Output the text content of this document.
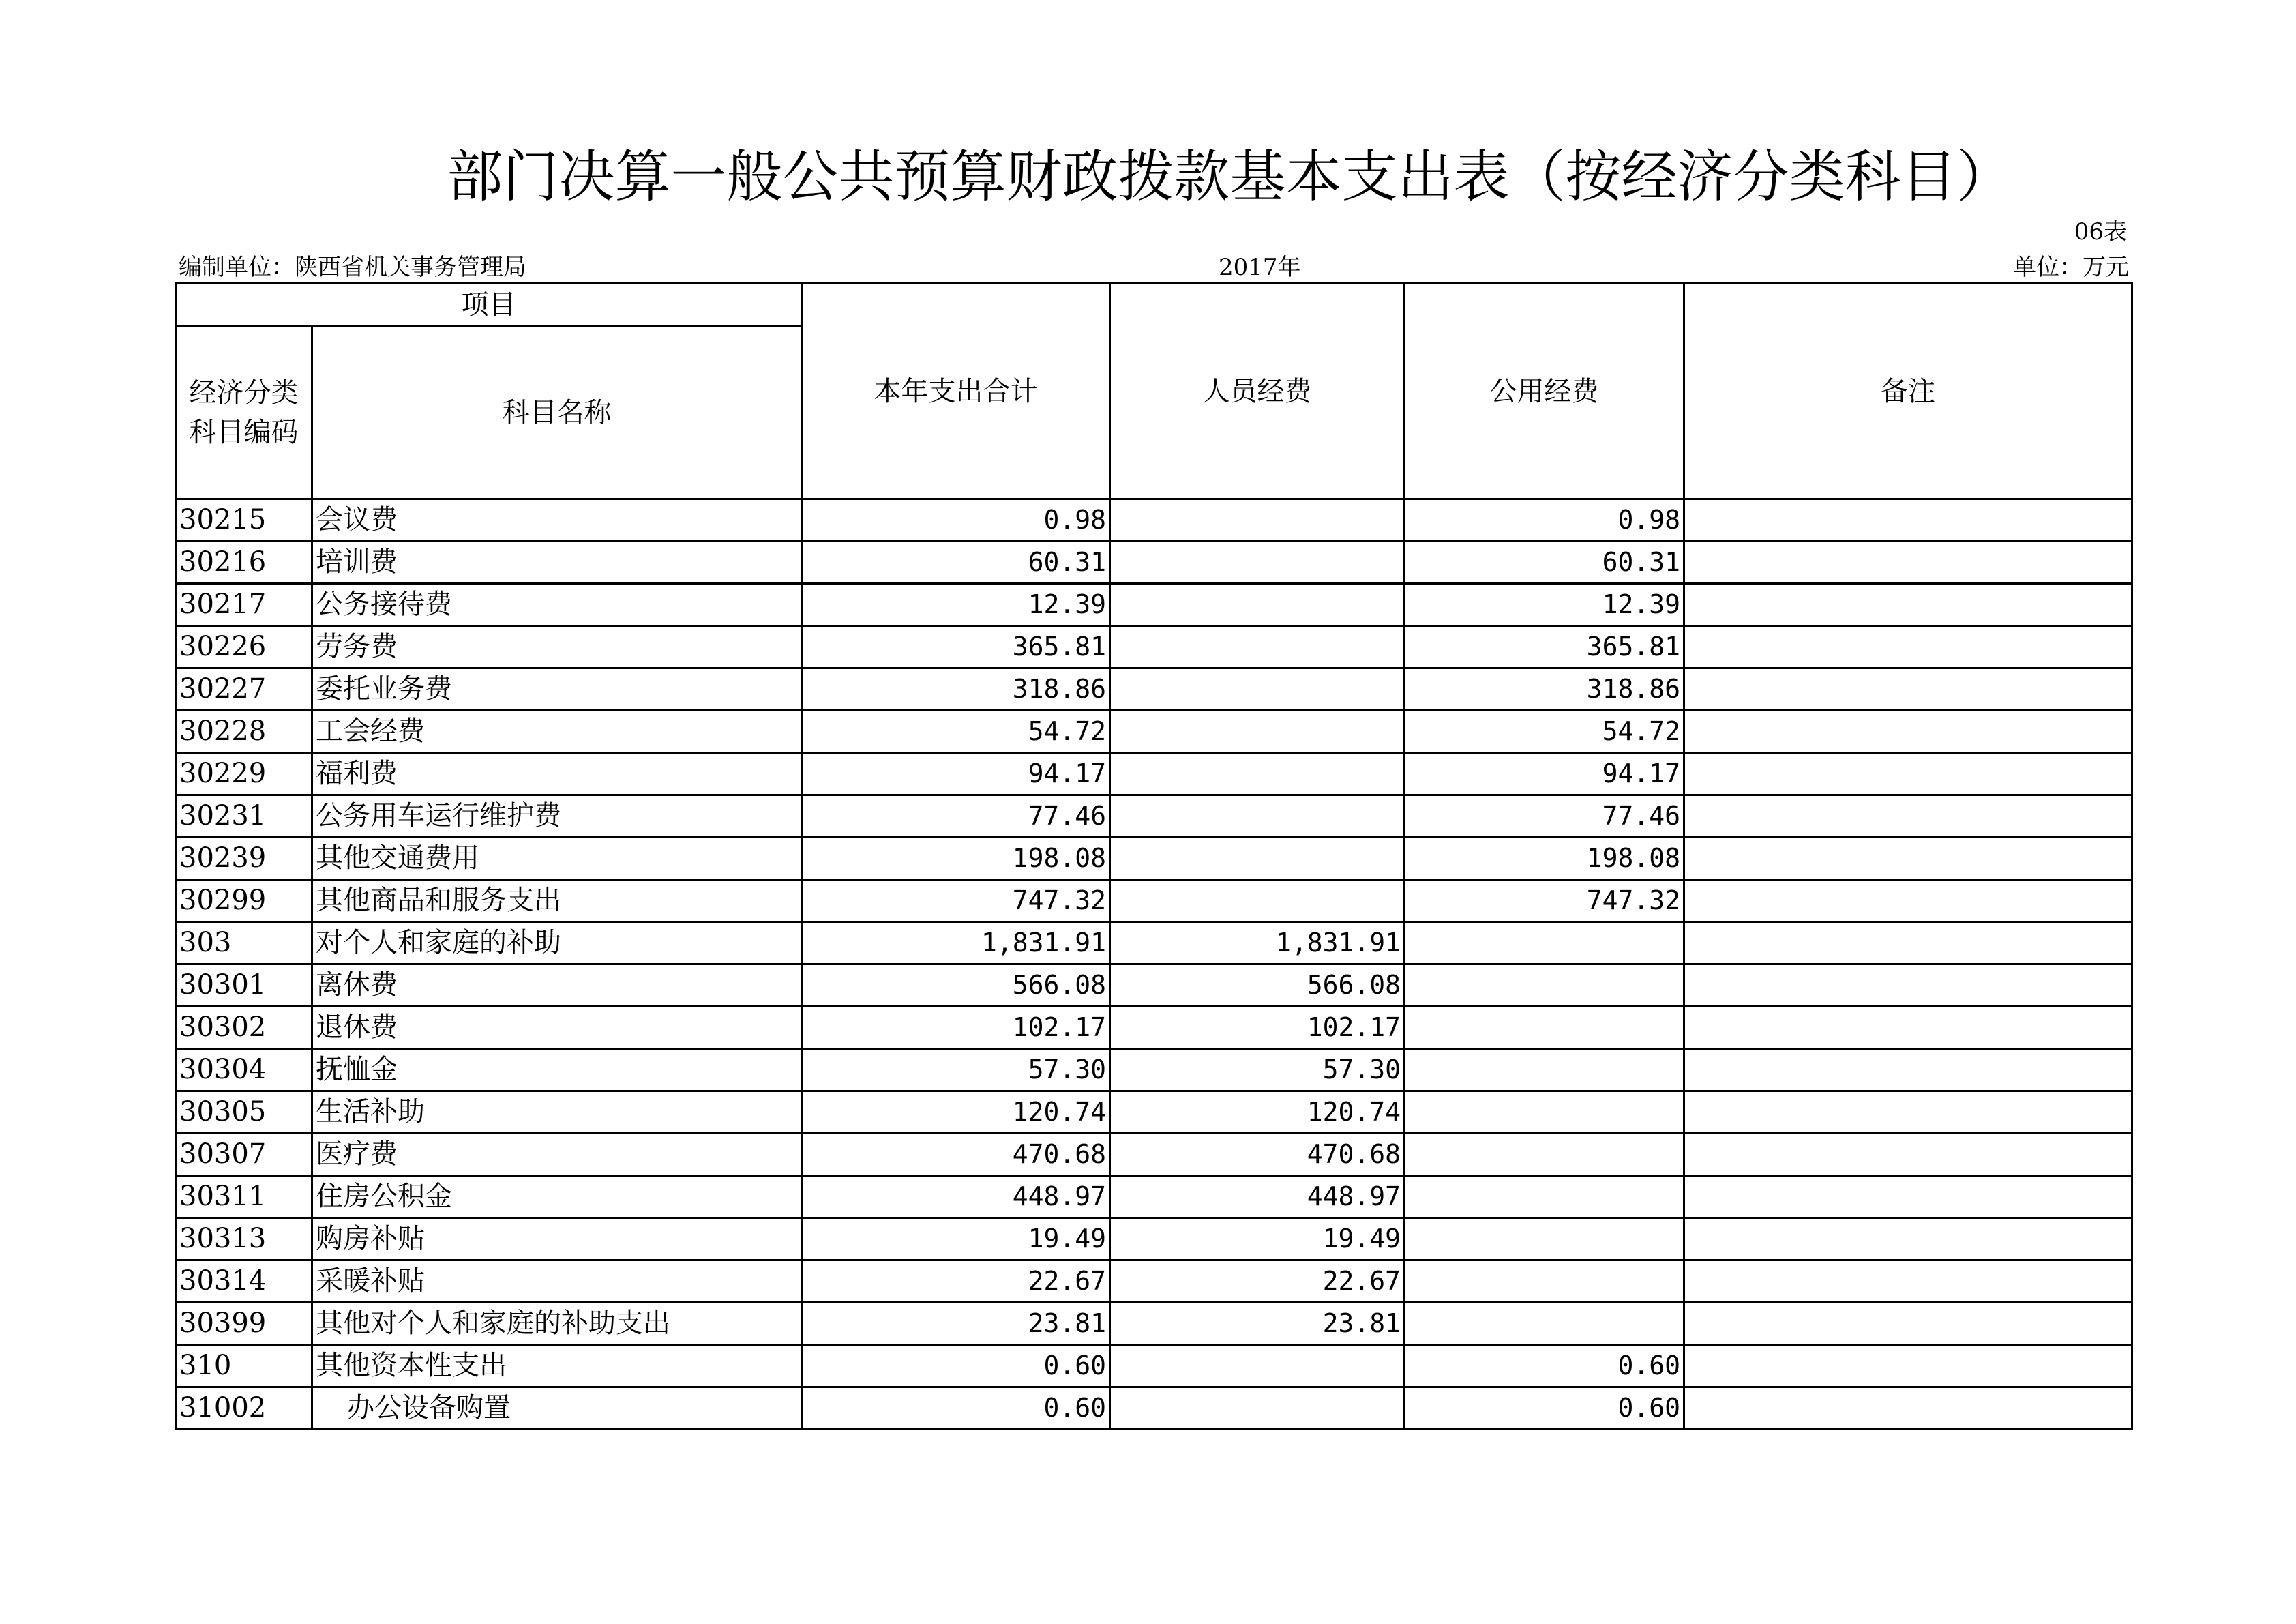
部门决算一般公共预算财政拨款基本支出表（按经济分类科目）
06表
编制单位：陕西省机关事务管理局	2017年	单位：万元
项目		本年支出合计	人员经费	公用经费	备注
经济分类科目编码	科目名称				
30215	会议费	0.98		0.98	
30216	培训费	60.31		60.31	
30217	公务接待费	12.39		12.39	
30226	劳务费	365.81		365.81	
30227	委托业务费	318.86		318.86	
30228	工会经费	54.72		54.72	
30229	福利费	94.17		94.17	
30231	公务用车运行维护费	77.46		77.46	
30239	其他交通费用	198.08		198.08	
30299	其他商品和服务支出	747.32		747.32	
303	对个人和家庭的补助	1,831.91	1,831.91		
30301	离休费	566.08	566.08		
30302	退休费	102.17	102.17		
30304	抚恤金	57.30	57.30		
30305	生活补助	120.74	120.74		
30307	医疗费	470.68	470.68		
30311	住房公积金	448.97	448.97		
30313	购房补贴	19.49	19.49		
30314	采暖补贴	22.67	22.67		
30399	其他对个人和家庭的补助支出	23.81	23.81		
310	其他资本性支出	0.60		0.60	
31002	办公设备购置	0.60		0.60	
